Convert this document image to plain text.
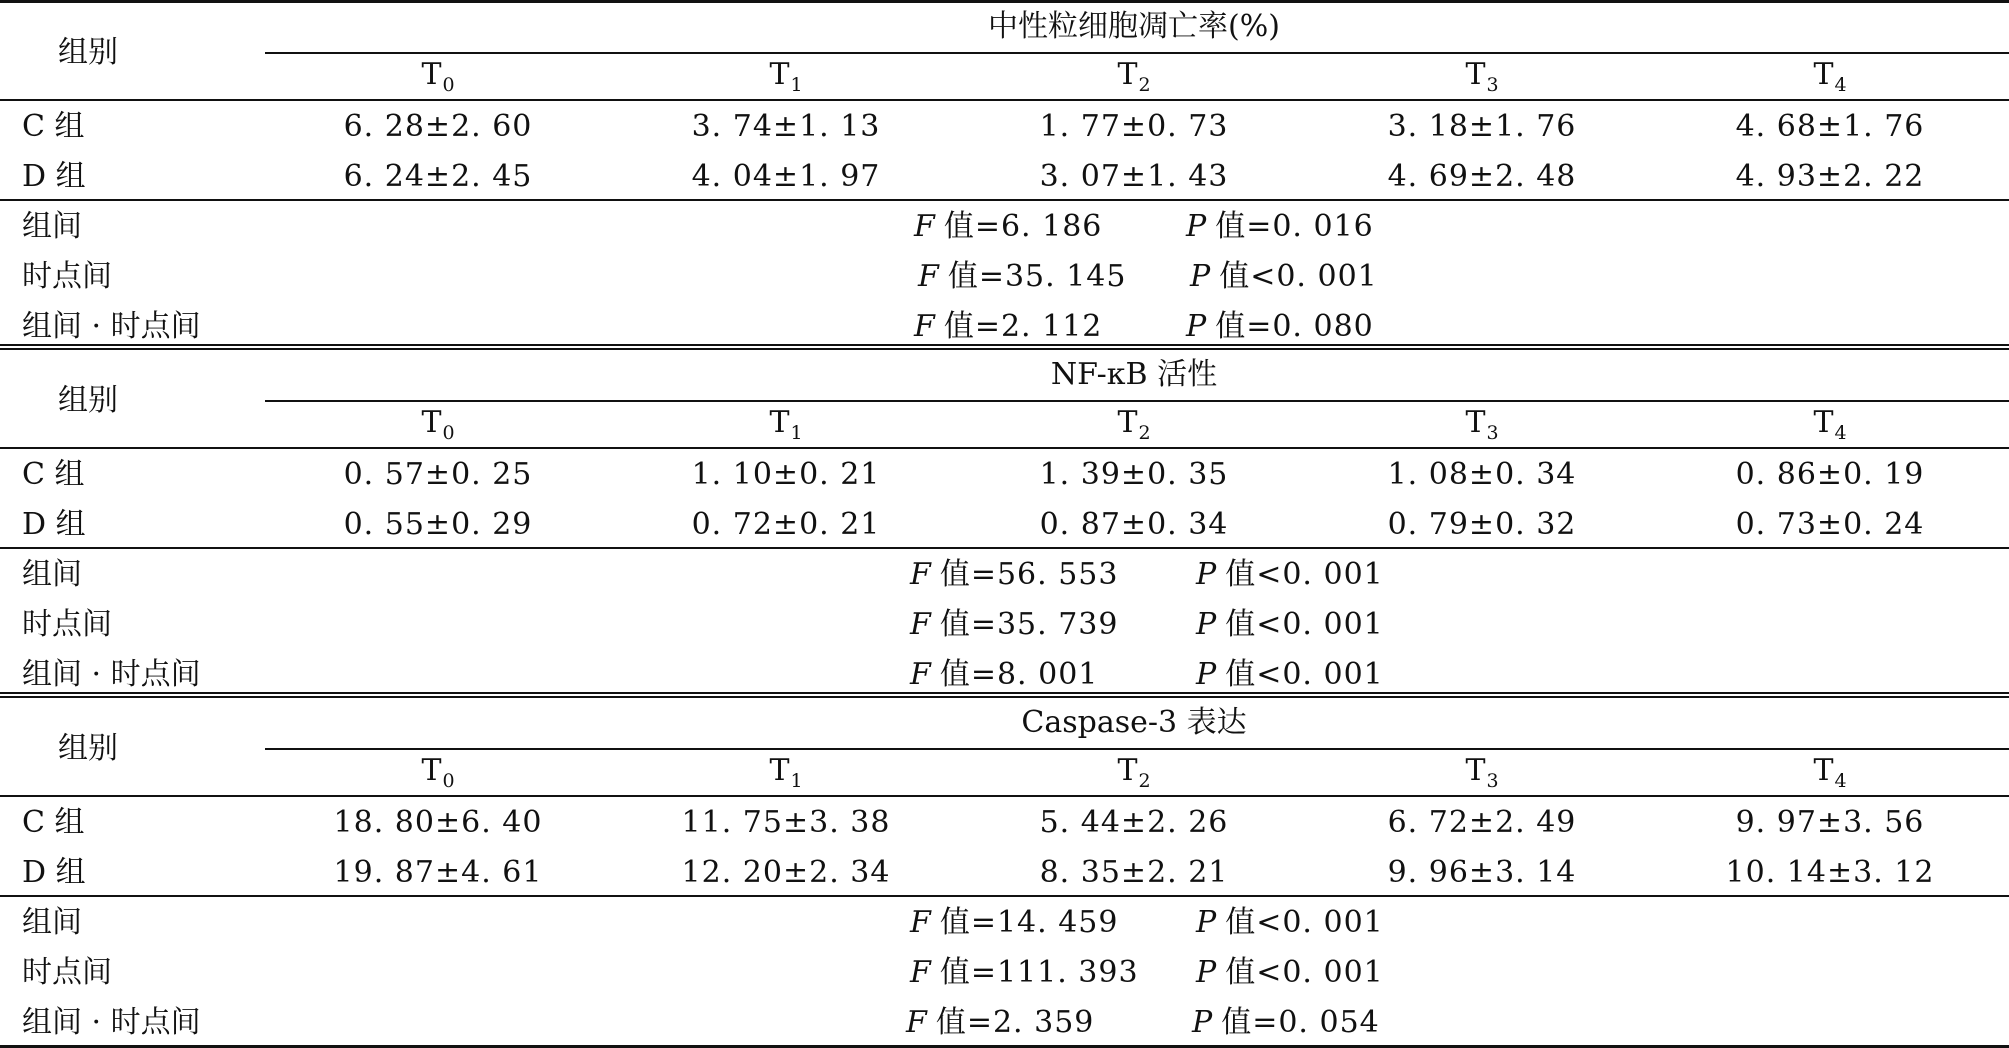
组别
中性粒细胞凋亡率(%)
$T_0$	$T_1$	$T_2$	$T_3$	$T_4$
C 组	6. 28±2. 60	3. 74±1. 13	1. 77±0. 73	3. 18±1. 76	4. 68±1. 76
D 组	6. 24±2. 45	4. 04±1. 97	3. 07±1. 43	4. 69±2. 48	4. 93±2. 22
组间	F 值=6. 186	P 值=0. 016
时点间	F 值=35. 145 P 值<0. 001
组间 · 时点间	F 值=2. 112	P 值=0. 080
组别
NF-κB 活性
$T_0$	$T_1$	$T_2$	$T_3$	$T_4$
C 组	0. 57±0. 25	1. 10±0. 21	1. 39±0. 35	1. 08±0. 34	0. 86±0. 19
D 组	0. 55±0. 29	0. 72±0. 21	0. 87±0. 34	0. 79±0. 32	0. 73±0. 24
组间	F 值=56. 553	P 值<0. 001
时点间	F 值=35. 739	P 值<0. 001
组间 · 时点间	F 值=8. 001	P 值<0. 001
组别
Caspase-3 表达
$T_0$	$T_1$	$T_2$	$T_3$	$T_4$
C 组	18. 80±6. 40	11. 75±3. 38	5. 44±2. 26	6. 72±2. 49	9. 97±3. 56
D 组	19. 87±4. 61	12. 20±2. 34	8. 35±2. 21	9. 96±3. 14	10. 14±3. 12
组间	F 值=14. 459	P 值<0. 001
时点间	F 值=111. 393 P 值<0. 001
组间 · 时点间	F 值=2. 359	P 值=0. 054
